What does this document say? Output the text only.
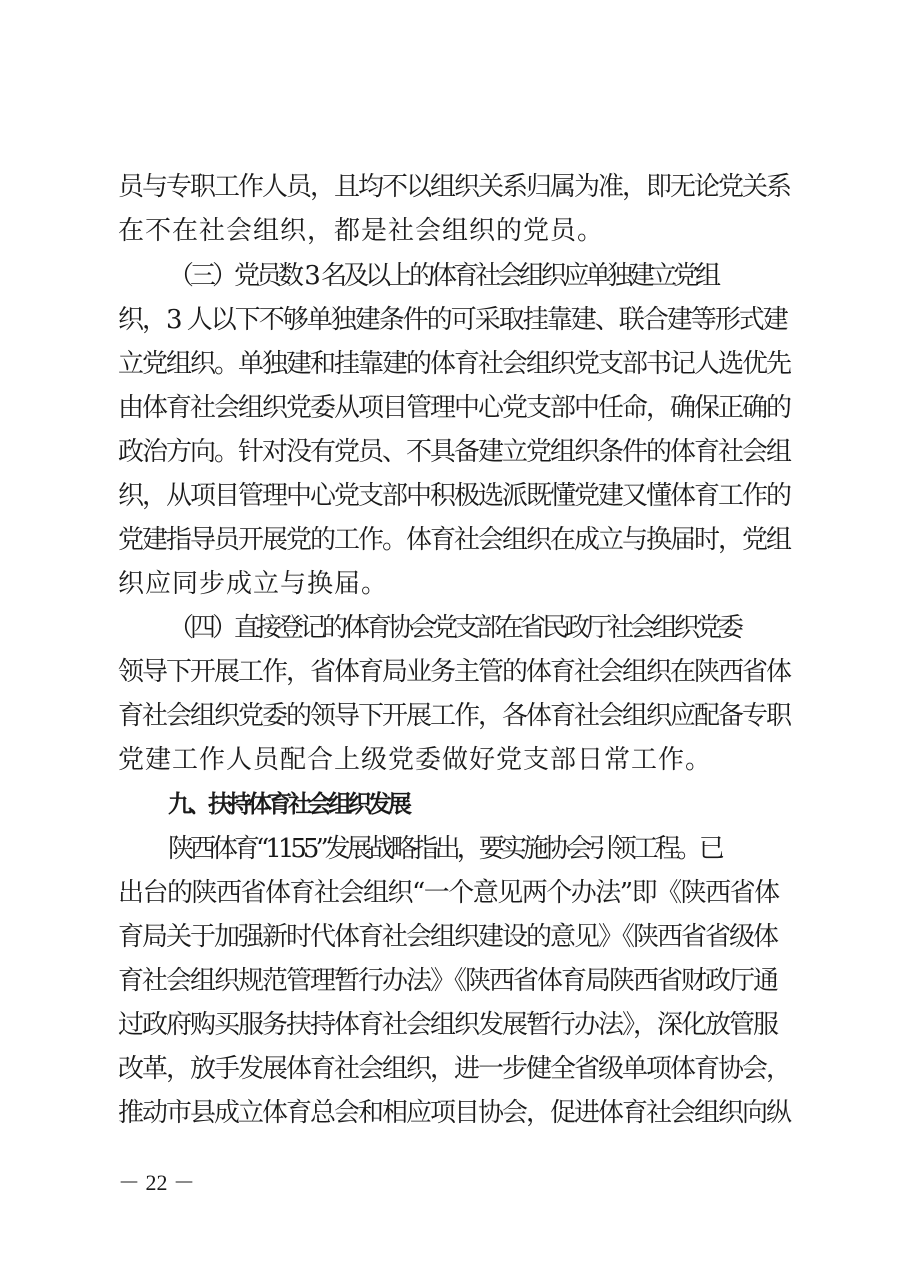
员与专职工作人员，且均不以组织关系归属为准，即无论党关系
在不在社会组织，都是社会组织的党员。
（三）党员数 3 名及以上的体育社会组织应单独建立党组
织，3 人以下不够单独建条件的可采取挂靠建、联合建等形式建
立党组织。单独建和挂靠建的体育社会组织党支部书记人选优先
由体育社会组织党委从项目管理中心党支部中任命，确保正确的
政治方向。针对没有党员、不具备建立党组织条件的体育社会组
织，从项目管理中心党支部中积极选派既懂党建又懂体育工作的
党建指导员开展党的工作。体育社会组织在成立与换届时，党组
织应同步成立与换届。
（四）直接登记的体育协会党支部在省民政厅社会组织党委
领导下开展工作，省体育局业务主管的体育社会组织在陕西省体
育社会组织党委的领导下开展工作，各体育社会组织应配备专职
党建工作人员配合上级党委做好党支部日常工作。
九、扶持体育社会组织发展
陕西体育“1155”发展战略指出，要实施协会引领工程。已
出台的陕西省体育社会组织“一个意见两个办法”即《陕西省体
育局关于加强新时代体育社会组织建设的意见》《陕西省省级体
育社会组织规范管理暂行办法》《陕西省体育局陕西省财政厅通
过政府购买服务扶持体育社会组织发展暂行办法》，深化放管服
改革，放手发展体育社会组织，进一步健全省级单项体育协会，
推动市县成立体育总会和相应项目协会，促进体育社会组织向纵
－ 22 －
